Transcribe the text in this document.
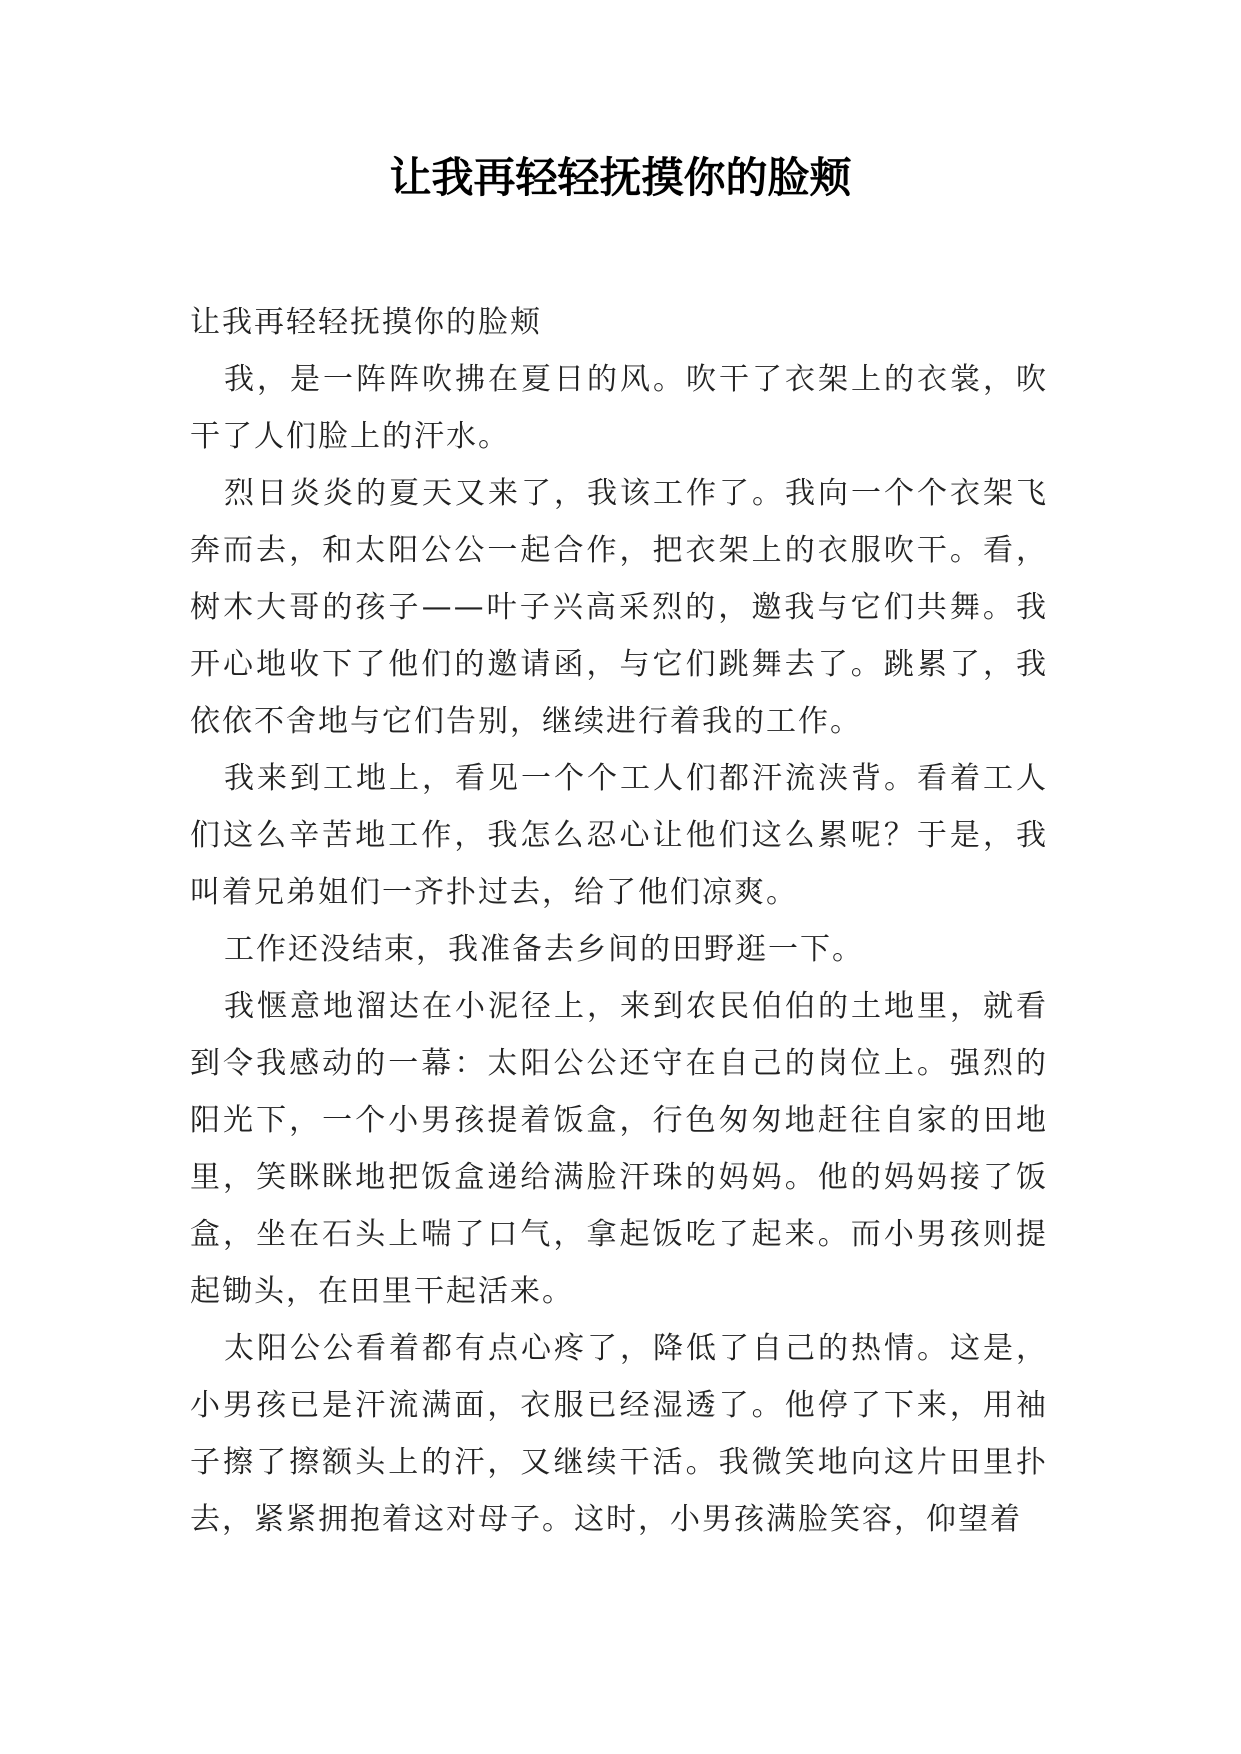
让我再轻轻抚摸你的脸颊

让我再轻轻抚摸你的脸颊

我，是一阵阵吹拂在夏日的风。吹干了衣架上的衣裳，吹干了人们脸上的汗水。

烈日炎炎的夏天又来了，我该工作了。我向一个个衣架飞奔而去，和太阳公公一起合作，把衣架上的衣服吹干。看，树木大哥的孩子——叶子兴高采烈的，邀我与它们共舞。我开心地收下了他们的邀请函，与它们跳舞去了。跳累了，我依依不舍地与它们告别，继续进行着我的工作。

我来到工地上，看见一个个工人们都汗流浃背。看着工人们这么辛苦地工作，我怎么忍心让他们这么累呢？于是，我叫着兄弟姐们一齐扑过去，给了他们凉爽。

工作还没结束，我准备去乡间的田野逛一下。

我惬意地溜达在小泥径上，来到农民伯伯的土地里，就看到令我感动的一幕：太阳公公还守在自己的岗位上。强烈的阳光下，一个小男孩提着饭盒，行色匆匆地赶往自家的田地里，笑眯眯地把饭盒递给满脸汗珠的妈妈。他的妈妈接了饭盒，坐在石头上喘了口气，拿起饭吃了起来。而小男孩则提起锄头，在田里干起活来。

太阳公公看着都有点心疼了，降低了自己的热情。这是，小男孩已是汗流满面，衣服已经湿透了。他停了下来，用袖子擦了擦额头上的汗，又继续干活。我微笑地向这片田里扑去，紧紧拥抱着这对母子。这时，小男孩满脸笑容，仰望着
